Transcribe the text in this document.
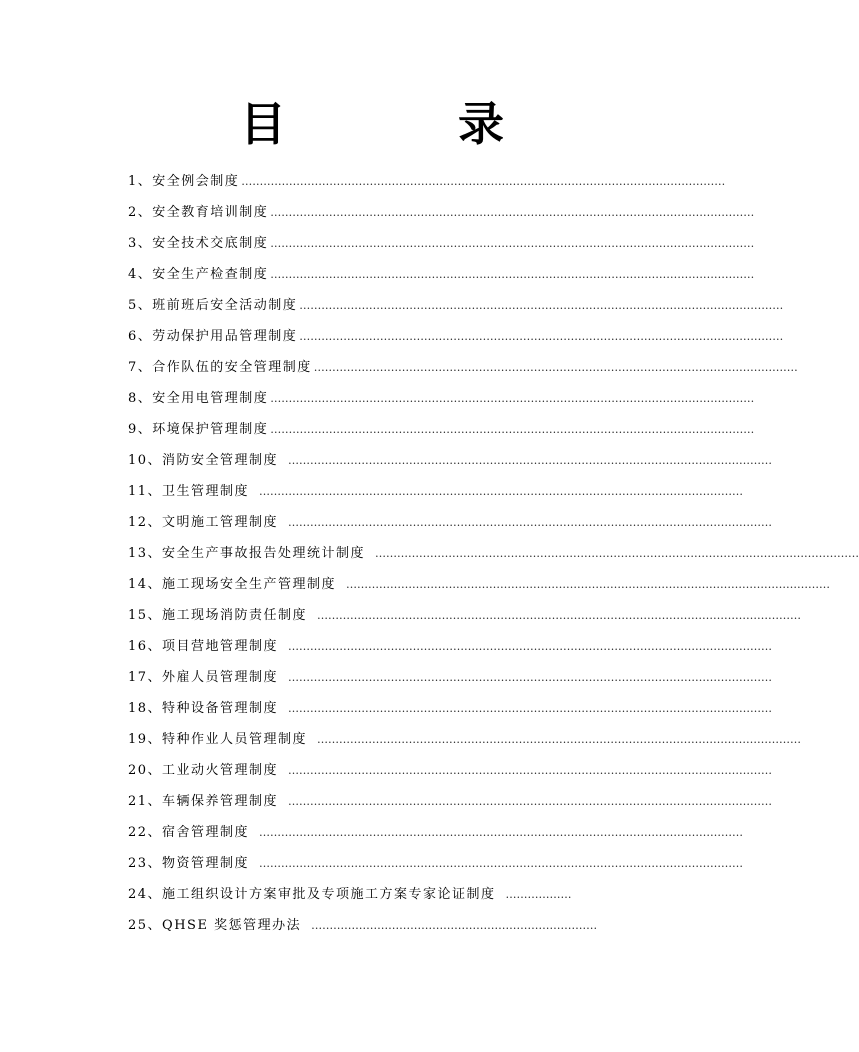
目 录
1、安全例会制度 ……………………………………………………………………………………………………………………
2、安全教育培训制度 ……………………………………………………………………………………………………………………
3、安全技术交底制度 ……………………………………………………………………………………………………………………
4、安全生产检查制度 ……………………………………………………………………………………………………………………
5、班前班后安全活动制度 ……………………………………………………………………………………………………………………
6、劳动保护用品管理制度 ……………………………………………………………………………………………………………………
7、合作队伍的安全管理制度 ……………………………………………………………………………………………………………………
8、安全用电管理制度 ……………………………………………………………………………………………………………………
9、环境保护管理制度 ……………………………………………………………………………………………………………………
10、消防安全管理制度 ……………………………………………………………………………………………………………………
11、卫生管理制度 ……………………………………………………………………………………………………………………
12、文明施工管理制度 ……………………………………………………………………………………………………………………
13、安全生产事故报告处理统计制度 ……………………………………………………………………………………………………………………
14、施工现场安全生产管理制度 ……………………………………………………………………………………………………………………
15、施工现场消防责任制度 ……………………………………………………………………………………………………………………
16、项目营地管理制度 ……………………………………………………………………………………………………………………
17、外雇人员管理制度 ……………………………………………………………………………………………………………………
18、特种设备管理制度 ……………………………………………………………………………………………………………………
19、特种作业人员管理制度 ……………………………………………………………………………………………………………………
20、工业动火管理制度 ……………………………………………………………………………………………………………………
21、车辆保养管理制度 ……………………………………………………………………………………………………………………
22、宿舍管理制度 ……………………………………………………………………………………………………………………
23、物资管理制度 ……………………………………………………………………………………………………………………
24、施工组织设计方案审批及专项施工方案专家论证制度 ………………
25、QHSE 奖惩管理办法 ……………………………………………………………………
